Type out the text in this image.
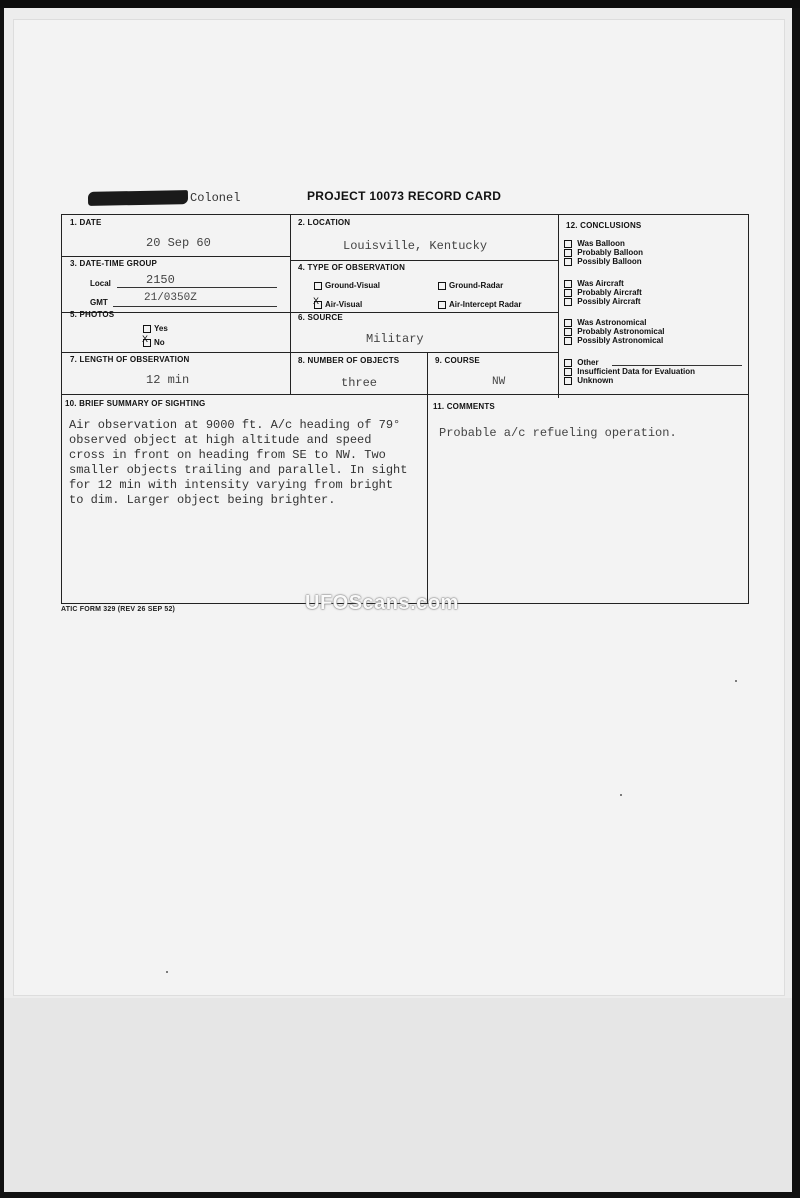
Colonel	PROJECT 10073 RECORD CARD
1. DATE
20 Sep 60
2. LOCATION
Louisville, Kentucky
3. DATE-TIME GROUP
Local	2150
GMT	21/0350Z
4. TYPE OF OBSERVATION
Ground-Visual	Ground-Radar
X Air-Visual	Air-Intercept Radar
5. PHOTOS
Yes
X No
6. SOURCE
Military
7. LENGTH OF OBSERVATION
12 min
8. NUMBER OF OBJECTS
three
9. COURSE
NW
10. BRIEF SUMMARY OF SIGHTING
Air observation at 9000 ft. A/c heading of 79°
observed object at high altitude and speed
cross in front on heading from SE to NW. Two
smaller objects trailing and parallel. In sight
for 12 min with intensity varying from bright
to dim. Larger object being brighter.
11. COMMENTS
Probable a/c refueling operation.
12. CONCLUSIONS
Was Balloon
Probably Balloon
Possibly Balloon
Was Aircraft
Probably Aircraft
Possibly Aircraft
Was Astronomical
Probably Astronomical
Possibly Astronomical
Other
Insufficient Data for Evaluation
Unknown
ATIC FORM 329 (REV 26 SEP 52)	UFOScans.com
